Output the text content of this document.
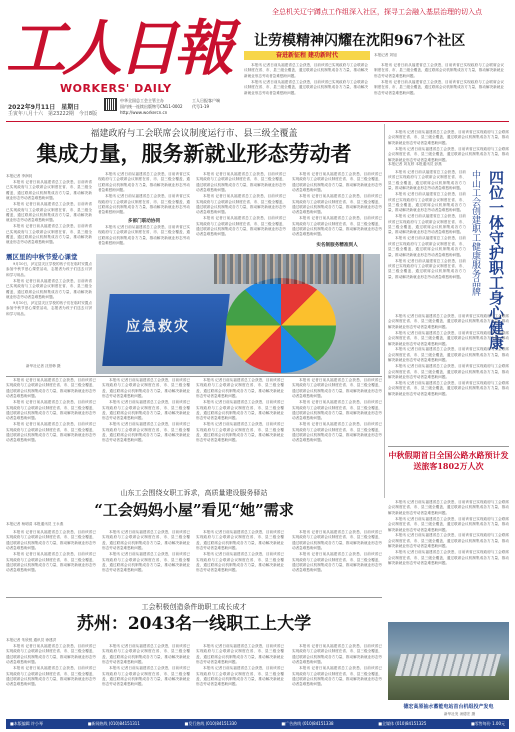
工人日報
WORKERS' DAILY
2022年9月11日　星期日
壬寅年八月十六　第23222期　今日8版
中华全国总工会主管主办
国内统一连续出版物号CN11-0002
http://www.workercn.cn
工人日报客户端
代号1-19
全总机关辽宁蹲点工作组深入社区，探寻工会融入基层治理的切入点
让劳模精神闪耀在沈阳967个社区
奋进新征程 建功新时代	本报记者 刘旭

本报讯 记者日前从福建省总工会获悉，目前该省已实现政府与工会联席会议制度在省、市、县三级全覆盖，通过联席会议机制集成各方力量，推动解决新就业形态劳动者急难愁盼问题。

本报讯 记者日前从福建省总工会获悉，目前该省已实现政府与工会联席会议制度在省、市、县三级全覆盖，通过联席会议机制集成各方力量，推动解决新就业形态劳动者急难愁盼问题。

本报讯 记者日前从福建省总工会获悉，目前该省已实现政府与工会联席会议制度在省、市、县三级全覆盖，通过联席会议机制集成各方力量，推动解决新就业形态劳动者急难愁盼问题。

本报讯 记者日前从福建省总工会获悉，目前该省已实现政府与工会联席会议制度在省、市、县三级全覆盖，通过联席会议机制集成各方力量，推动解决新就业形态劳动者急难愁盼问题。

福建政府与工会联席会议制度运行市、县三级全覆盖
集成力量，服务新就业形态劳动者
本报记者 李润钊

本报讯 记者日前从福建省总工会获悉，目前该省已实现政府与工会联席会议制度在省、市、县三级全覆盖，通过联席会议机制集成各方力量，推动解决新就业形态劳动者急难愁盼问题。

本报讯 记者日前从福建省总工会获悉，目前该省已实现政府与工会联席会议制度在省、市、县三级全覆盖，通过联席会议机制集成各方力量，推动解决新就业形态劳动者急难愁盼问题。

本报讯 记者日前从福建省总工会获悉，目前该省已实现政府与工会联席会议制度在省、市、县三级全覆盖，通过联席会议机制集成各方力量，推动解决新就业形态劳动者急难愁盼问题。

本报讯 记者日前从福建省总工会获悉，目前该省已实现政府与工会联席会议制度在省、市、县三级全覆盖，通过联席会议机制集成各方力量，推动解决新就业形态劳动者急难愁盼问题。

本报讯 记者日前从福建省总工会获悉，目前该省已实现政府与工会联席会议制度在省、市、县三级全覆盖，通过联席会议机制集成各方力量，推动解决新就业形态劳动者急难愁盼问题。

多部门联动协同

本报讯 记者日前从福建省总工会获悉，目前该省已实现政府与工会联席会议制度在省、市、县三级全覆盖，通过联席会议机制集成各方力量，推动解决新就业形态劳动者急难愁盼问题。

本报讯 记者日前从福建省总工会获悉，目前该省已实现政府与工会联席会议制度在省、市、县三级全覆盖，通过联席会议机制集成各方力量，推动解决新就业形态劳动者急难愁盼问题。

本报讯 记者日前从福建省总工会获悉，目前该省已实现政府与工会联席会议制度在省、市、县三级全覆盖，通过联席会议机制集成各方力量，推动解决新就业形态劳动者急难愁盼问题。

本报讯 记者日前从福建省总工会获悉，目前该省已实现政府与工会联席会议制度在省、市、县三级全覆盖，通过联席会议机制集成各方力量，推动解决新就业形态劳动者急难愁盼问题。

本报讯 记者日前从福建省总工会获悉，目前该省已实现政府与工会联席会议制度在省、市、县三级全覆盖，通过联席会议机制集成各方力量，推动解决新就业形态劳动者急难愁盼问题。

本报讯 记者日前从福建省总工会获悉，目前该省已实现政府与工会联席会议制度在省、市、县三级全覆盖，通过联席会议机制集成各方力量，推动解决新就业形态劳动者急难愁盼问题。

本报讯 记者日前从福建省总工会获悉，目前该省已实现政府与工会联席会议制度在省、市、县三级全覆盖，通过联席会议机制集成各方力量，推动解决新就业形态劳动者急难愁盼问题。

实名制服务精准到人
震区里的中秋节爱心课堂

9月10日，泸定县灾区学校的孩子们在临时安置点参加中秋节爱心课堂活动，志愿者为孩子们送去月饼和学习用品。

本报讯 记者日前从福建省总工会获悉，目前该省已实现政府与工会联席会议制度在省、市、县三级全覆盖，通过联席会议机制集成各方力量，推动解决新就业形态劳动者急难愁盼问题。

9月10日，泸定县灾区学校的孩子们在临时安置点参加中秋节爱心课堂活动，志愿者为孩子们送去月饼和学习用品。

新华社记者 沈伯韩 摄
应急救灾

本报讯 记者日前从福建省总工会获悉，目前该省已实现政府与工会联席会议制度在省、市、县三级全覆盖，通过联席会议机制集成各方力量，推动解决新就业形态劳动者急难愁盼问题。

本报讯 记者日前从福建省总工会获悉，目前该省已实现政府与工会联席会议制度在省、市、县三级全覆盖，通过联席会议机制集成各方力量，推动解决新就业形态劳动者急难愁盼问题。

本报记者 刘友婷 本报通讯员 彭燕

本报讯 记者日前从福建省总工会获悉，目前该省已实现政府与工会联席会议制度在省、市、县三级全覆盖，通过联席会议机制集成各方力量，推动解决新就业形态劳动者急难愁盼问题。

本报讯 记者日前从福建省总工会获悉，目前该省已实现政府与工会联席会议制度在省、市、县三级全覆盖，通过联席会议机制集成各方力量，推动解决新就业形态劳动者急难愁盼问题。

本报讯 记者日前从福建省总工会获悉，目前该省已实现政府与工会联席会议制度在省、市、县三级全覆盖，通过联席会议机制集成各方力量，推动解决新就业形态劳动者急难愁盼问题。

本报讯 记者日前从福建省总工会获悉，目前该省已实现政府与工会联席会议制度在省、市、县三级全覆盖，通过联席会议机制集成各方力量，推动解决新就业形态劳动者急难愁盼问题。

本报讯 记者日前从福建省总工会获悉，目前该省已实现政府与工会联席会议制度在省、市、县三级全覆盖，通过联席会议机制集成各方力量，推动解决新就业形态劳动者急难愁盼问题。 中山工会创建职工健康服务品牌 四位一体守护职工身心健康

本报讯 记者日前从福建省总工会获悉，目前该省已实现政府与工会联席会议制度在省、市、县三级全覆盖，通过联席会议机制集成各方力量，推动解决新就业形态劳动者急难愁盼问题。

本报讯 记者日前从福建省总工会获悉，目前该省已实现政府与工会联席会议制度在省、市、县三级全覆盖，通过联席会议机制集成各方力量，推动解决新就业形态劳动者急难愁盼问题。

本报讯 记者日前从福建省总工会获悉，目前该省已实现政府与工会联席会议制度在省、市、县三级全覆盖，通过联席会议机制集成各方力量，推动解决新就业形态劳动者急难愁盼问题。

本报讯 记者日前从福建省总工会获悉，目前该省已实现政府与工会联席会议制度在省、市、县三级全覆盖，通过联席会议机制集成各方力量，推动解决新就业形态劳动者急难愁盼问题。

本报讯 记者日前从福建省总工会获悉，目前该省已实现政府与工会联席会议制度在省、市、县三级全覆盖，通过联席会议机制集成各方力量，推动解决新就业形态劳动者急难愁盼问题。

中秋假期首日全国公路水路预计发送旅客1802万人次

本报讯 记者日前从福建省总工会获悉，目前该省已实现政府与工会联席会议制度在省、市、县三级全覆盖，通过联席会议机制集成各方力量，推动解决新就业形态劳动者急难愁盼问题。

本报讯 记者日前从福建省总工会获悉，目前该省已实现政府与工会联席会议制度在省、市、县三级全覆盖，通过联席会议机制集成各方力量，推动解决新就业形态劳动者急难愁盼问题。

本报讯 记者日前从福建省总工会获悉，目前该省已实现政府与工会联席会议制度在省、市、县三级全覆盖，通过联席会议机制集成各方力量，推动解决新就业形态劳动者急难愁盼问题。

本报讯 记者日前从福建省总工会获悉，目前该省已实现政府与工会联席会议制度在省、市、县三级全覆盖，通过联席会议机制集成各方力量，推动解决新就业形态劳动者急难愁盼问题。

本报讯 记者日前从福建省总工会获悉，目前该省已实现政府与工会联席会议制度在省、市、县三级全覆盖，通过联席会议机制集成各方力量，推动解决新就业形态劳动者急难愁盼问题。

本报讯 记者日前从福建省总工会获悉，目前该省已实现政府与工会联席会议制度在省、市、县三级全覆盖，通过联席会议机制集成各方力量，推动解决新就业形态劳动者急难愁盼问题。

本报讯 记者日前从福建省总工会获悉，目前该省已实现政府与工会联席会议制度在省、市、县三级全覆盖，通过联席会议机制集成各方力量，推动解决新就业形态劳动者急难愁盼问题。

本报讯 记者日前从福建省总工会获悉，目前该省已实现政府与工会联席会议制度在省、市、县三级全覆盖，通过联席会议机制集成各方力量，推动解决新就业形态劳动者急难愁盼问题。

本报讯 记者日前从福建省总工会获悉，目前该省已实现政府与工会联席会议制度在省、市、县三级全覆盖，通过联席会议机制集成各方力量，推动解决新就业形态劳动者急难愁盼问题。

本报讯 记者日前从福建省总工会获悉，目前该省已实现政府与工会联席会议制度在省、市、县三级全覆盖，通过联席会议机制集成各方力量，推动解决新就业形态劳动者急难愁盼问题。

本报讯 记者日前从福建省总工会获悉，目前该省已实现政府与工会联席会议制度在省、市、县三级全覆盖，通过联席会议机制集成各方力量，推动解决新就业形态劳动者急难愁盼问题。

本报讯 记者日前从福建省总工会获悉，目前该省已实现政府与工会联席会议制度在省、市、县三级全覆盖，通过联席会议机制集成各方力量，推动解决新就业形态劳动者急难愁盼问题。

山东工会围绕女职工诉求，高质量建设服务驿站
“工会妈妈小屋”看见“她”需求
本报记者 杨明清 本报通讯员 王永燕

本报讯 记者日前从福建省总工会获悉，目前该省已实现政府与工会联席会议制度在省、市、县三级全覆盖，通过联席会议机制集成各方力量，推动解决新就业形态劳动者急难愁盼问题。

本报讯 记者日前从福建省总工会获悉，目前该省已实现政府与工会联席会议制度在省、市、县三级全覆盖，通过联席会议机制集成各方力量，推动解决新就业形态劳动者急难愁盼问题。

本报讯 记者日前从福建省总工会获悉，目前该省已实现政府与工会联席会议制度在省、市、县三级全覆盖，通过联席会议机制集成各方力量，推动解决新就业形态劳动者急难愁盼问题。

本报讯 记者日前从福建省总工会获悉，目前该省已实现政府与工会联席会议制度在省、市、县三级全覆盖，通过联席会议机制集成各方力量，推动解决新就业形态劳动者急难愁盼问题。

本报讯 记者日前从福建省总工会获悉，目前该省已实现政府与工会联席会议制度在省、市、县三级全覆盖，通过联席会议机制集成各方力量，推动解决新就业形态劳动者急难愁盼问题。

本报讯 记者日前从福建省总工会获悉，目前该省已实现政府与工会联席会议制度在省、市、县三级全覆盖，通过联席会议机制集成各方力量，推动解决新就业形态劳动者急难愁盼问题。

本报讯 记者日前从福建省总工会获悉，目前该省已实现政府与工会联席会议制度在省、市、县三级全覆盖，通过联席会议机制集成各方力量，推动解决新就业形态劳动者急难愁盼问题。

本报讯 记者日前从福建省总工会获悉，目前该省已实现政府与工会联席会议制度在省、市、县三级全覆盖，通过联席会议机制集成各方力量，推动解决新就业形态劳动者急难愁盼问题。

本报讯 记者日前从福建省总工会获悉，目前该省已实现政府与工会联席会议制度在省、市、县三级全覆盖，通过联席会议机制集成各方力量，推动解决新就业形态劳动者急难愁盼问题。

本报讯 记者日前从福建省总工会获悉，目前该省已实现政府与工会联席会议制度在省、市、县三级全覆盖，通过联席会议机制集成各方力量，推动解决新就业形态劳动者急难愁盼问题。

本报讯 记者日前从福建省总工会获悉，目前该省已实现政府与工会联席会议制度在省、市、县三级全覆盖，通过联席会议机制集成各方力量，推动解决新就业形态劳动者急难愁盼问题。

本报讯 记者日前从福建省总工会获悉，目前该省已实现政府与工会联席会议制度在省、市、县三级全覆盖，通过联席会议机制集成各方力量，推动解决新就业形态劳动者急难愁盼问题。

德宏高原抽水蓄能电站首台机组投产发电
新华社发 汤德宏 摄
工会积极创造条件助职工成长成才
苏州：2043名一线职工上大学
本报记者 朱欣悦 通讯员 徐建洪

本报讯 记者日前从福建省总工会获悉，目前该省已实现政府与工会联席会议制度在省、市、县三级全覆盖，通过联席会议机制集成各方力量，推动解决新就业形态劳动者急难愁盼问题。

本报讯 记者日前从福建省总工会获悉，目前该省已实现政府与工会联席会议制度在省、市、县三级全覆盖，通过联席会议机制集成各方力量，推动解决新就业形态劳动者急难愁盼问题。

本报讯 记者日前从福建省总工会获悉，目前该省已实现政府与工会联席会议制度在省、市、县三级全覆盖，通过联席会议机制集成各方力量，推动解决新就业形态劳动者急难愁盼问题。

本报讯 记者日前从福建省总工会获悉，目前该省已实现政府与工会联席会议制度在省、市、县三级全覆盖，通过联席会议机制集成各方力量，推动解决新就业形态劳动者急难愁盼问题。

本报讯 记者日前从福建省总工会获悉，目前该省已实现政府与工会联席会议制度在省、市、县三级全覆盖，通过联席会议机制集成各方力量，推动解决新就业形态劳动者急难愁盼问题。

本报讯 记者日前从福建省总工会获悉，目前该省已实现政府与工会联席会议制度在省、市、县三级全覆盖，通过联席会议机制集成各方力量，推动解决新就业形态劳动者急难愁盼问题。

本报讯 记者日前从福建省总工会获悉，目前该省已实现政府与工会联席会议制度在省、市、县三级全覆盖，通过联席会议机制集成各方力量，推动解决新就业形态劳动者急难愁盼问题。

本报讯 记者日前从福建省总工会获悉，目前该省已实现政府与工会联席会议制度在省、市、县三级全覆盖，通过联席会议机制集成各方力量，推动解决新就业形态劳动者急难愁盼问题。

■本版编辑 许小琴	■新闻热线 (010)84151311	■发行热线 (010)84151330	■广告热线 (010)84151338	■全媒体 (010)84151325	■零售每份 1.00元
